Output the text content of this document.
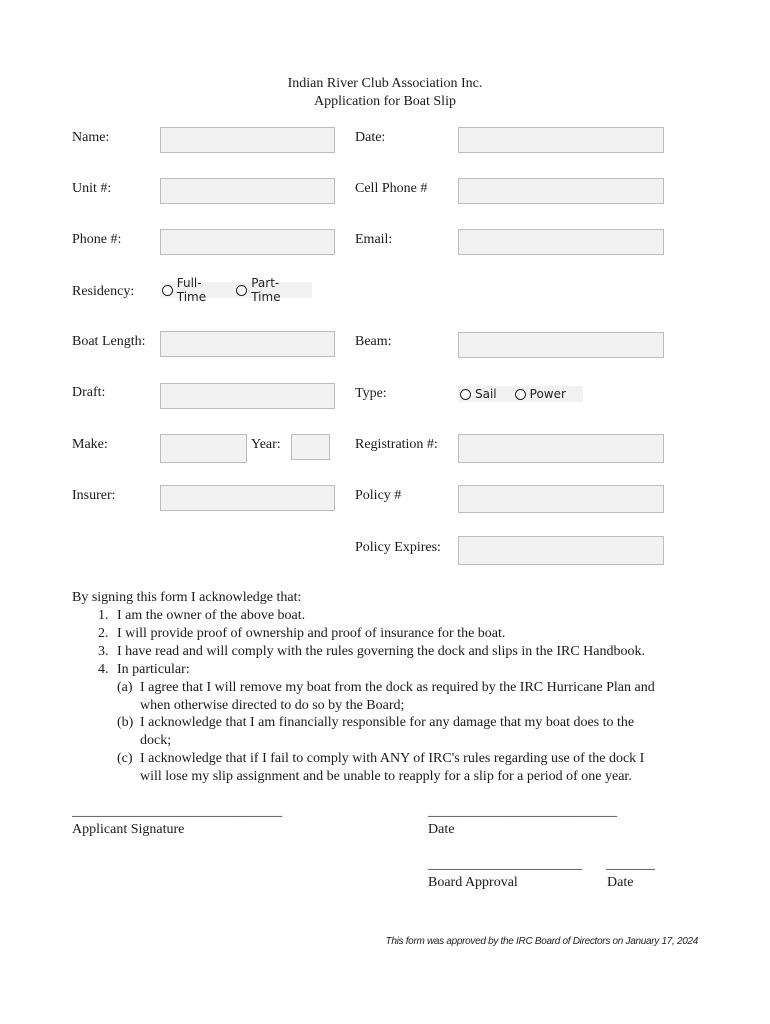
Indian River Club Association Inc.
Application for Boat Slip
Name:	Date:
Unit #:	Cell Phone #
Phone #:	Email:
Residency:
Full-Time
Part-Time
Boat Length:	Beam:
Draft:	Type:	Sail	Power
Make:	Year:	Registration #:
Insurer:	Policy #
Policy Expires:
By signing this form I acknowledge that:
1. I am the owner of the above boat.
2. I will provide proof of ownership and proof of insurance for the boat.
3. I have read and will comply with the rules governing the dock and slips in the IRC Handbook.
4. In particular:
(a) I agree that I will remove my boat from the dock as required by the IRC Hurricane Plan and
when otherwise directed to do so by the Board;
(b) I acknowledge that I am financially responsible for any damage that my boat does to the
dock;
(c) I acknowledge that if I fail to comply with ANY of IRC's rules regarding use of the dock I
will lose my slip assignment and be unable to reapply for a slip for a period of one year.
______________________________
Applicant Signature
___________________________
Date
______________________
Board Approval
_______
Date
This form was approved by the IRC Board of Directors on January 17, 2024
